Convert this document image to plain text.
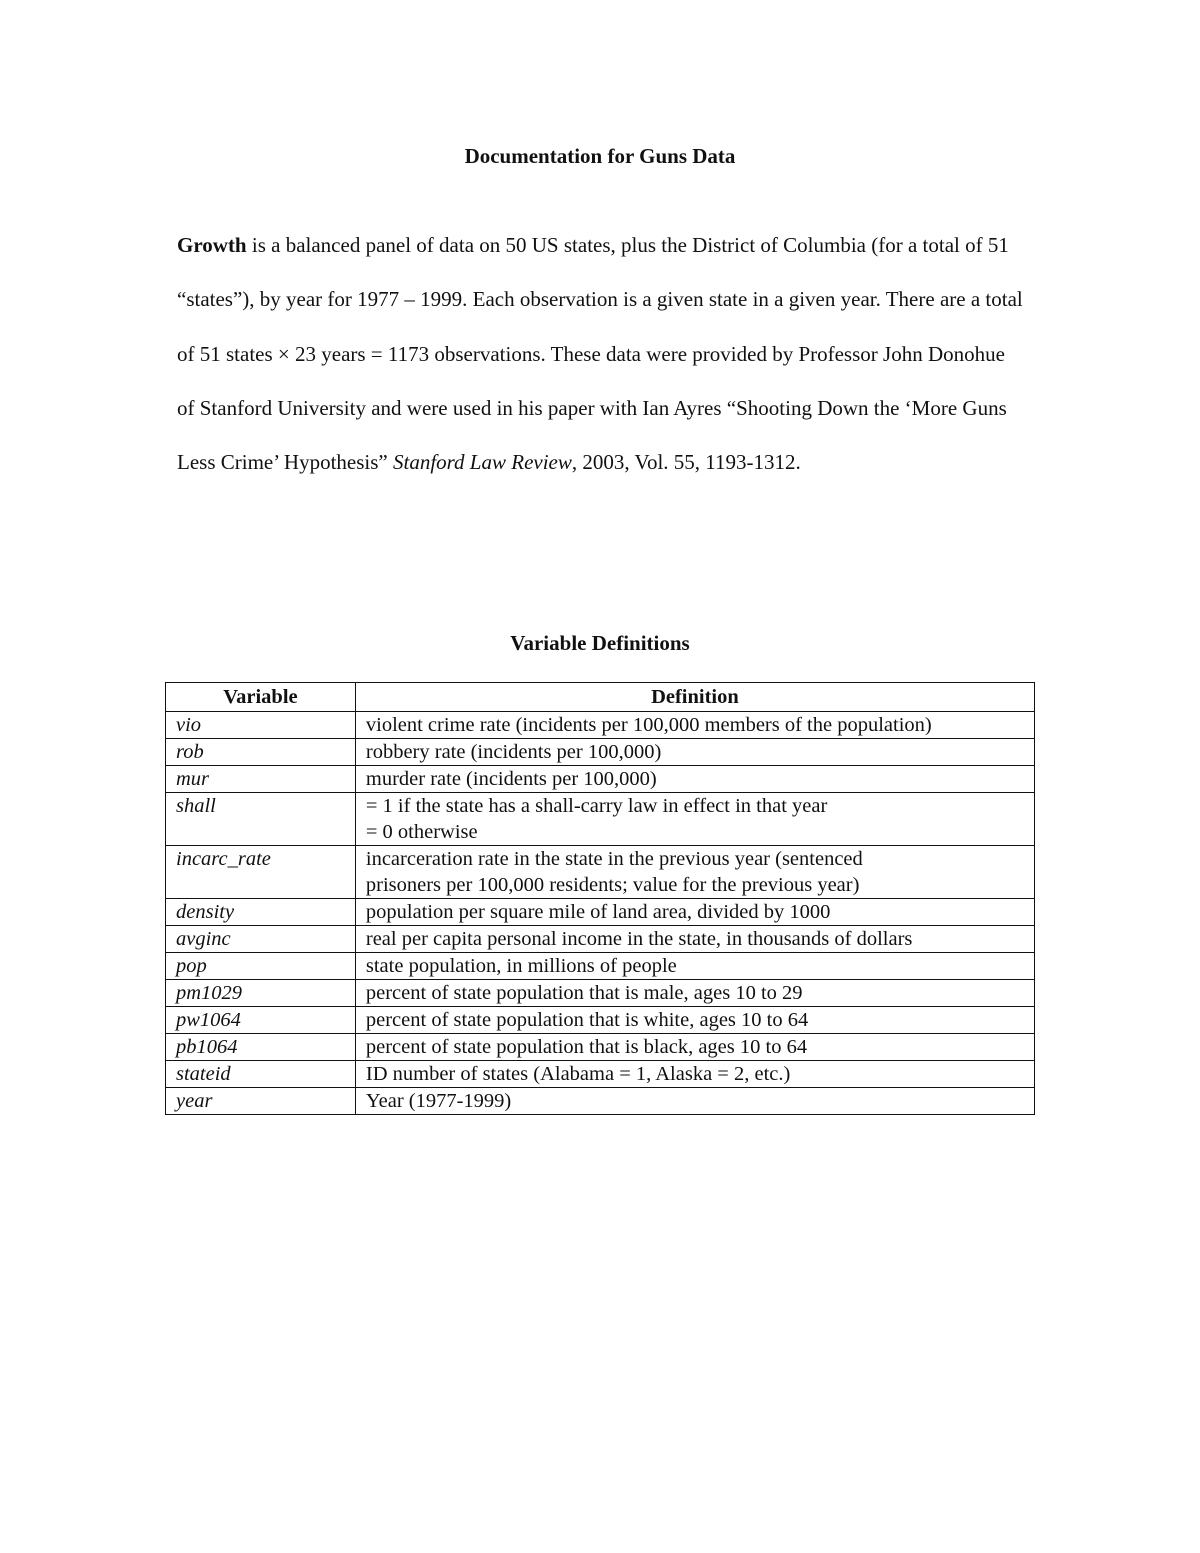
Documentation for Guns Data
Growth is a balanced panel of data on 50 US states, plus the District of Columbia (for a total of 51 “states”), by year for 1977 – 1999. Each observation is a given state in a given year. There are a total of 51 states × 23 years = 1173 observations. These data were provided by Professor John Donohue of Stanford University and were used in his paper with Ian Ayres “Shooting Down the ‘More Guns Less Crime’ Hypothesis” Stanford Law Review, 2003, Vol. 55, 1193-1312.
Variable Definitions
Variable	Definition
vio	violent crime rate (incidents per 100,000 members of the population)

rob	robbery rate (incidents per 100,000)

mur	murder rate (incidents per 100,000)

shall	= 1 if the state has a shall-carry law in effect in that year
= 0 otherwise

incarc_rate	incarceration rate in the state in the previous year (sentenced
prisoners per 100,000 residents; value for the previous year)

density	population per square mile of land area, divided by 1000

avginc	real per capita personal income in the state, in thousands of dollars

pop	state population, in millions of people

pm1029	percent of state population that is male, ages 10 to 29

pw1064	percent of state population that is white, ages 10 to 64

pb1064	percent of state population that is black, ages 10 to 64

stateid	ID number of states (Alabama = 1, Alaska = 2, etc.)

year	Year (1977-1999)
